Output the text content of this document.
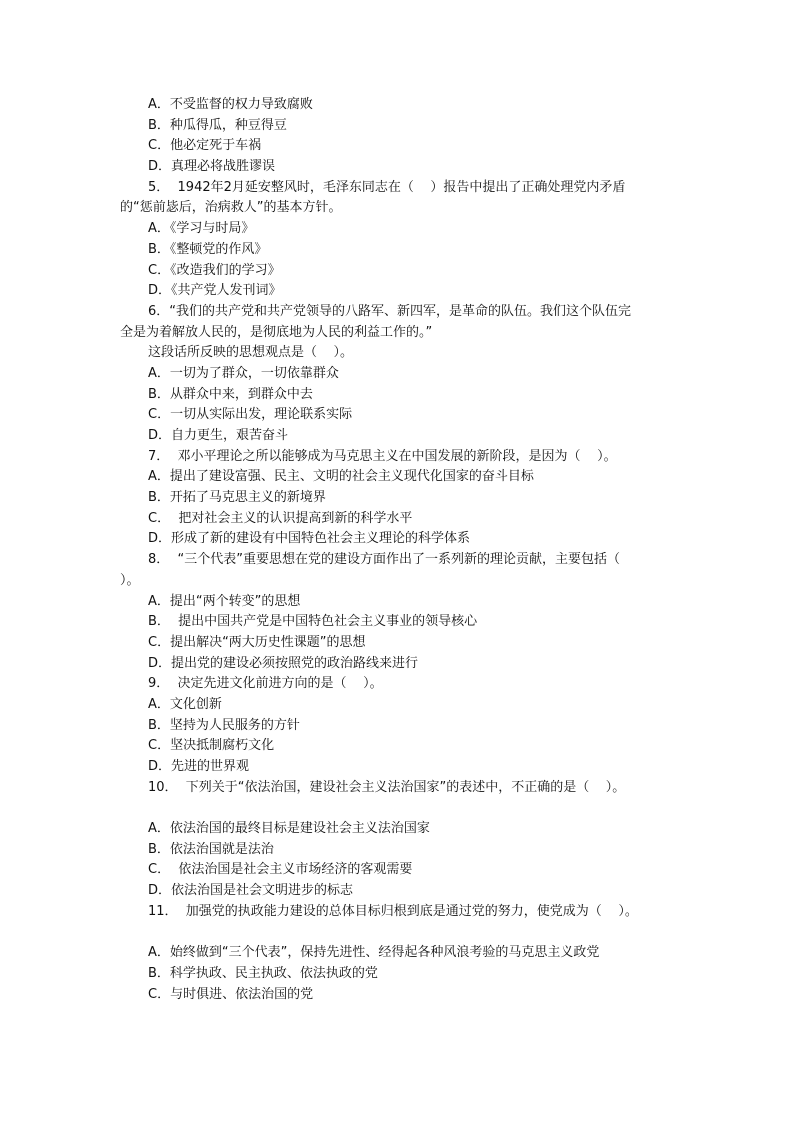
A．不受监督的权力导致腐败
B．种瓜得瓜，种豆得豆
C．他必定死于车祸
D．真理必将战胜谬误
5．  1942年2月延安整风时，毛泽东同志在（    ）报告中提出了正确处理党内矛盾
的“惩前毖后，治病救人”的基本方针。
A．《学习与时局》
B．《整顿党的作风》
C．《改造我们的学习》
D．《共产党人发刊词》
6．“我们的共产党和共产党领导的八路军、新四军，是革命的队伍。我们这个队伍完
全是为着解放人民的，是彻底地为人民的利益工作的。”
这段话所反映的思想观点是（    ）。
A．一切为了群众，一切依靠群众
B．从群众中来，到群众中去
C．一切从实际出发，理论联系实际
D．自力更生，艰苦奋斗
7．  邓小平理论之所以能够成为马克思主义在中国发展的新阶段，是因为（    ）。
A．提出了建设富强、民主、文明的社会主义现代化国家的奋斗目标
B．开拓了马克思主义的新境界
C．  把对社会主义的认识提高到新的科学水平
D．形成了新的建设有中国特色社会主义理论的科学体系
8．  “三个代表”重要思想在党的建设方面作出了一系列新的理论贡献，主要包括（
）。
A．提出“两个转变”的思想
B．  提出中国共产党是中国特色社会主义事业的领导核心
C．提出解决“两大历史性课题”的思想
D．提出党的建设必须按照党的政治路线来进行
9．  决定先进文化前进方向的是（    ）。
A．文化创新
B．坚持为人民服务的方针
C．坚决抵制腐朽文化
D．先进的世界观
10．  下列关于“依法治国，建设社会主义法治国家”的表述中，不正确的是（    ）。
A．依法治国的最终目标是建设社会主义法治国家
B．依法治国就是法治
C．  依法治国是社会主义市场经济的客观需要
D．依法治国是社会文明进步的标志
11．  加强党的执政能力建设的总体目标归根到底是通过党的努力，使党成为（    ）。
A．始终做到“三个代表”，保持先进性、经得起各种风浪考验的马克思主义政党
B．科学执政、民主执政、依法执政的党
C．与时俱进、依法治国的党
